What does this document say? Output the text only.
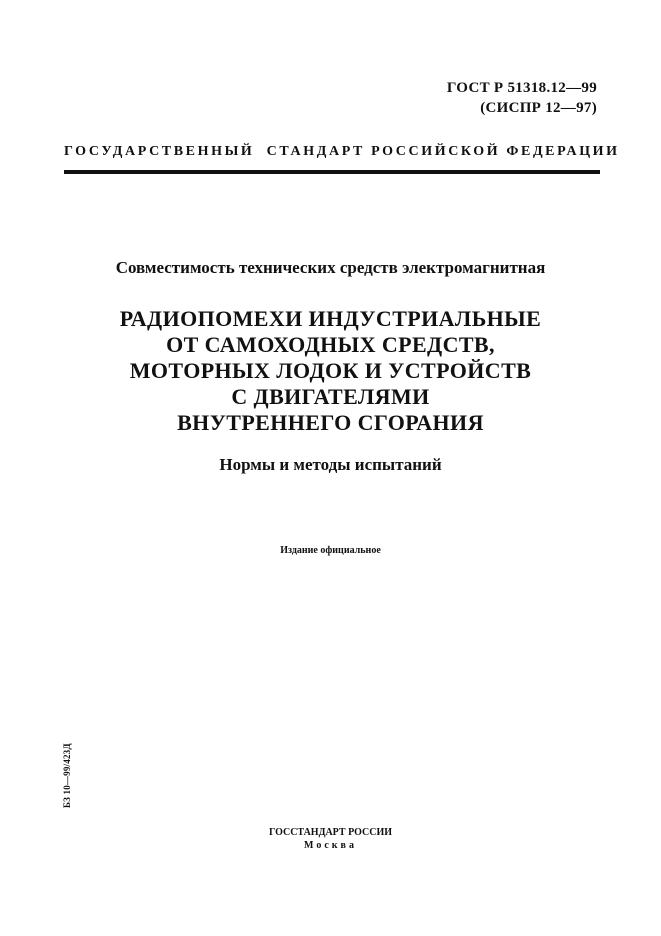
ГОСТ Р 51318.12—99
(СИСПР 12—97)
ГОСУДАРСТВЕННЫЙ  СТАНДАРТ РОССИЙСКОЙ ФЕДЕРАЦИИ
Совместимость технических средств электромагнитная
РАДИОПОМЕХИ ИНДУСТРИАЛЬНЫЕ
ОТ САМОХОДНЫХ СРЕДСТВ,
МОТОРНЫХ ЛОДОК И УСТРОЙСТВ
С ДВИГАТЕЛЯМИ
ВНУТРЕННЕГО СГОРАНИЯ
Нормы и методы испытаний
Издание официальное
БЗ 10—99/423Д
ГОССТАНДАРТ РОССИИ
Москва
